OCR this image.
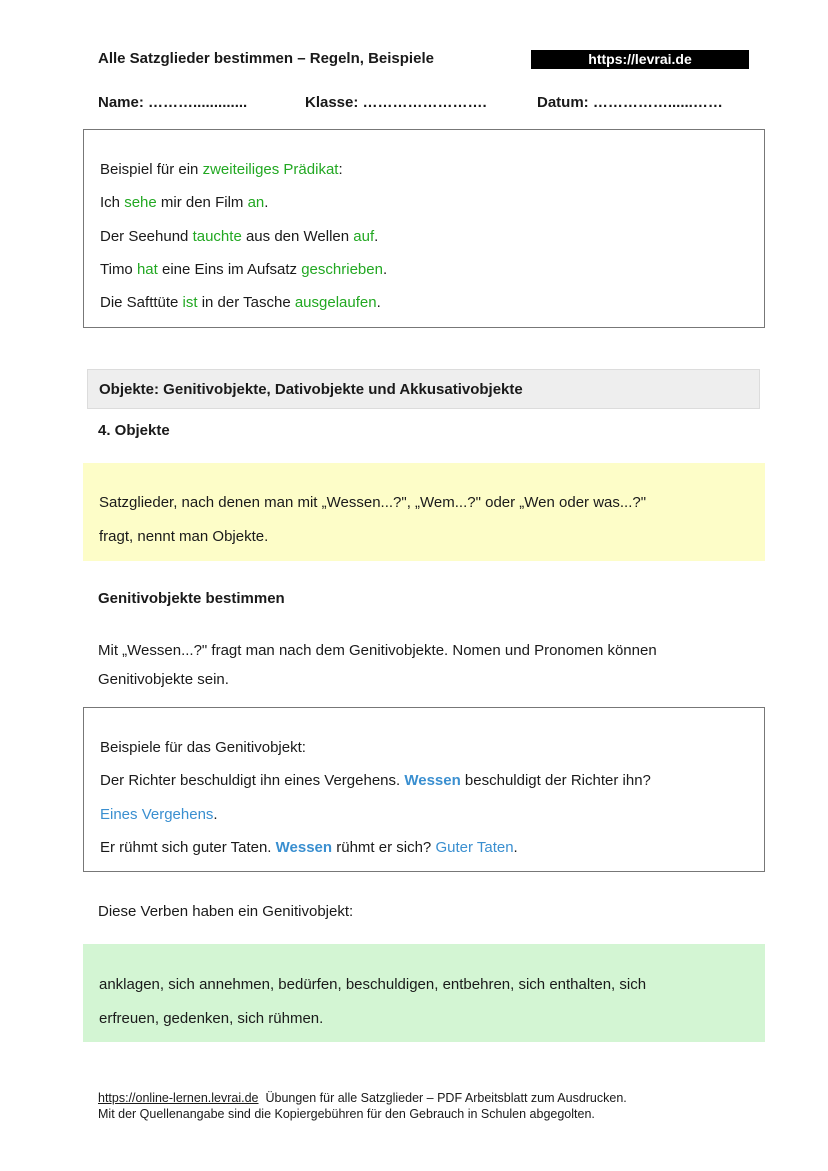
Alle Satzglieder bestimmen – Regeln, Beispiele	https://levrai.de
Name: ……….............	Klasse: …………………….	Datum: ……………......……
Beispiel für ein zweiteiliges Prädikat:
Ich sehe mir den Film an.
Der Seehund tauchte aus den Wellen auf.
Timo hat eine Eins im Aufsatz geschrieben.
Die Safttüte ist in der Tasche ausgelaufen.
Objekte: Genitivobjekte, Dativobjekte und Akkusativobjekte
4. Objekte
Satzglieder, nach denen man mit „Wessen...?", „Wem...?" oder „Wen oder was...?"
fragt, nennt man Objekte.
Genitivobjekte bestimmen
Mit „Wessen...?" fragt man nach dem Genitivobjekte. Nomen und Pronomen können
Genitivobjekte sein.
Beispiele für das Genitivobjekt:
Der Richter beschuldigt ihn eines Vergehens. Wessen beschuldigt der Richter ihn?
Eines Vergehens.
Er rühmt sich guter Taten. Wessen rühmt er sich? Guter Taten.
Diese Verben haben ein Genitivobjekt:
anklagen, sich annehmen, bedürfen, beschuldigen, entbehren, sich enthalten, sich
erfreuen, gedenken, sich rühmen.
https://online-lernen.levrai.de  Übungen für alle Satzglieder – PDF Arbeitsblatt zum Ausdrucken.
Mit der Quellenangabe sind die Kopiergebühren für den Gebrauch in Schulen abgegolten.
